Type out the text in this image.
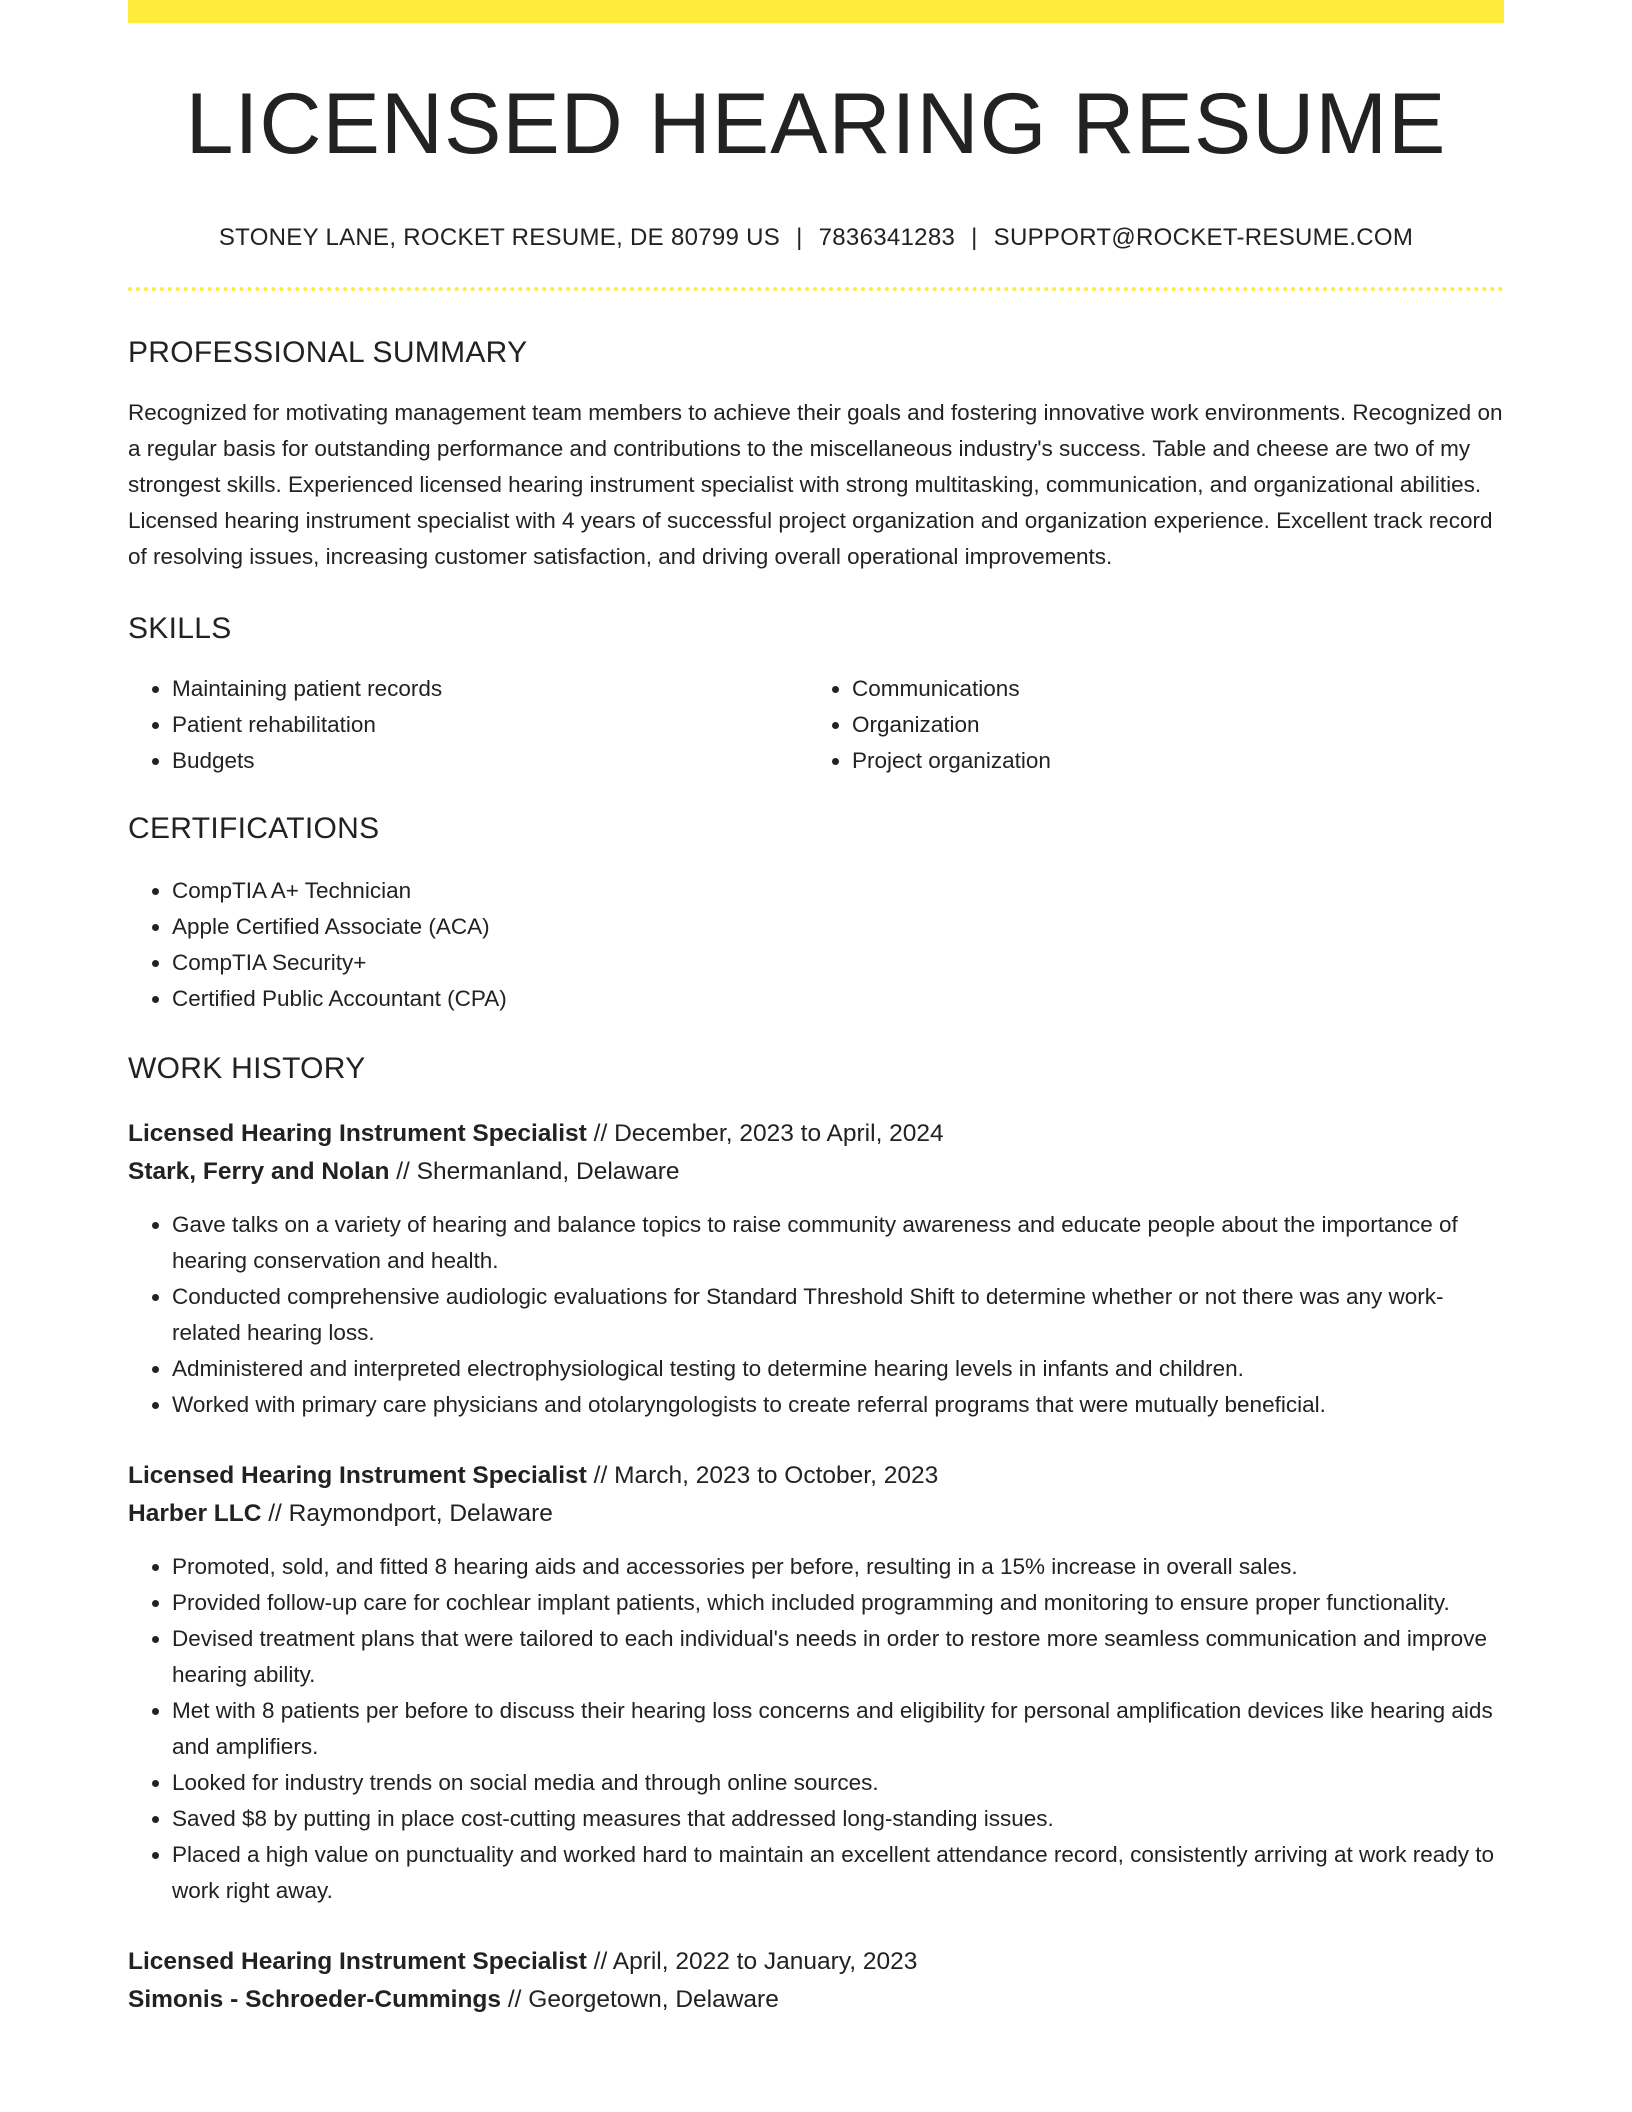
LICENSED HEARING RESUME
STONEY LANE, ROCKET RESUME, DE 80799 US | 7836341283 | SUPPORT@ROCKET-RESUME.COM
PROFESSIONAL SUMMARY

Recognized for motivating management team members to achieve their goals and fostering innovative work environments. Recognized on a regular basis for outstanding performance and contributions to the miscellaneous industry's success. Table and cheese are two of my strongest skills. Experienced licensed hearing instrument specialist with strong multitasking, communication, and organizational abilities. Licensed hearing instrument specialist with 4 years of successful project organization and organization experience. Excellent track record of resolving issues, increasing customer satisfaction, and driving overall operational improvements.

SKILLS
• Maintaining patient records
• Patient rehabilitation
• Budgets
• Communications
• Organization
• Project organization
CERTIFICATIONS
• CompTIA A+ Technician
• Apple Certified Associate (ACA)
• CompTIA Security+
• Certified Public Accountant (CPA)
WORK HISTORY
Licensed Hearing Instrument Specialist // December, 2023 to April, 2024
Stark, Ferry and Nolan // Shermanland, Delaware
• Gave talks on a variety of hearing and balance topics to raise community awareness and educate people about the importance of hearing conservation and health.
• Conducted comprehensive audiologic evaluations for Standard Threshold Shift to determine whether or not there was any work-related hearing loss.
• Administered and interpreted electrophysiological testing to determine hearing levels in infants and children.
• Worked with primary care physicians and otolaryngologists to create referral programs that were mutually beneficial.
Licensed Hearing Instrument Specialist // March, 2023 to October, 2023
Harber LLC // Raymondport, Delaware
• Promoted, sold, and fitted 8 hearing aids and accessories per before, resulting in a 15% increase in overall sales.
• Provided follow-up care for cochlear implant patients, which included programming and monitoring to ensure proper functionality.
• Devised treatment plans that were tailored to each individual's needs in order to restore more seamless communication and improve hearing ability.
• Met with 8 patients per before to discuss their hearing loss concerns and eligibility for personal amplification devices like hearing aids and amplifiers.
• Looked for industry trends on social media and through online sources.
• Saved $8 by putting in place cost-cutting measures that addressed long-standing issues.
• Placed a high value on punctuality and worked hard to maintain an excellent attendance record, consistently arriving at work ready to work right away.
Licensed Hearing Instrument Specialist // April, 2022 to January, 2023
Simonis - Schroeder-Cummings // Georgetown, Delaware
